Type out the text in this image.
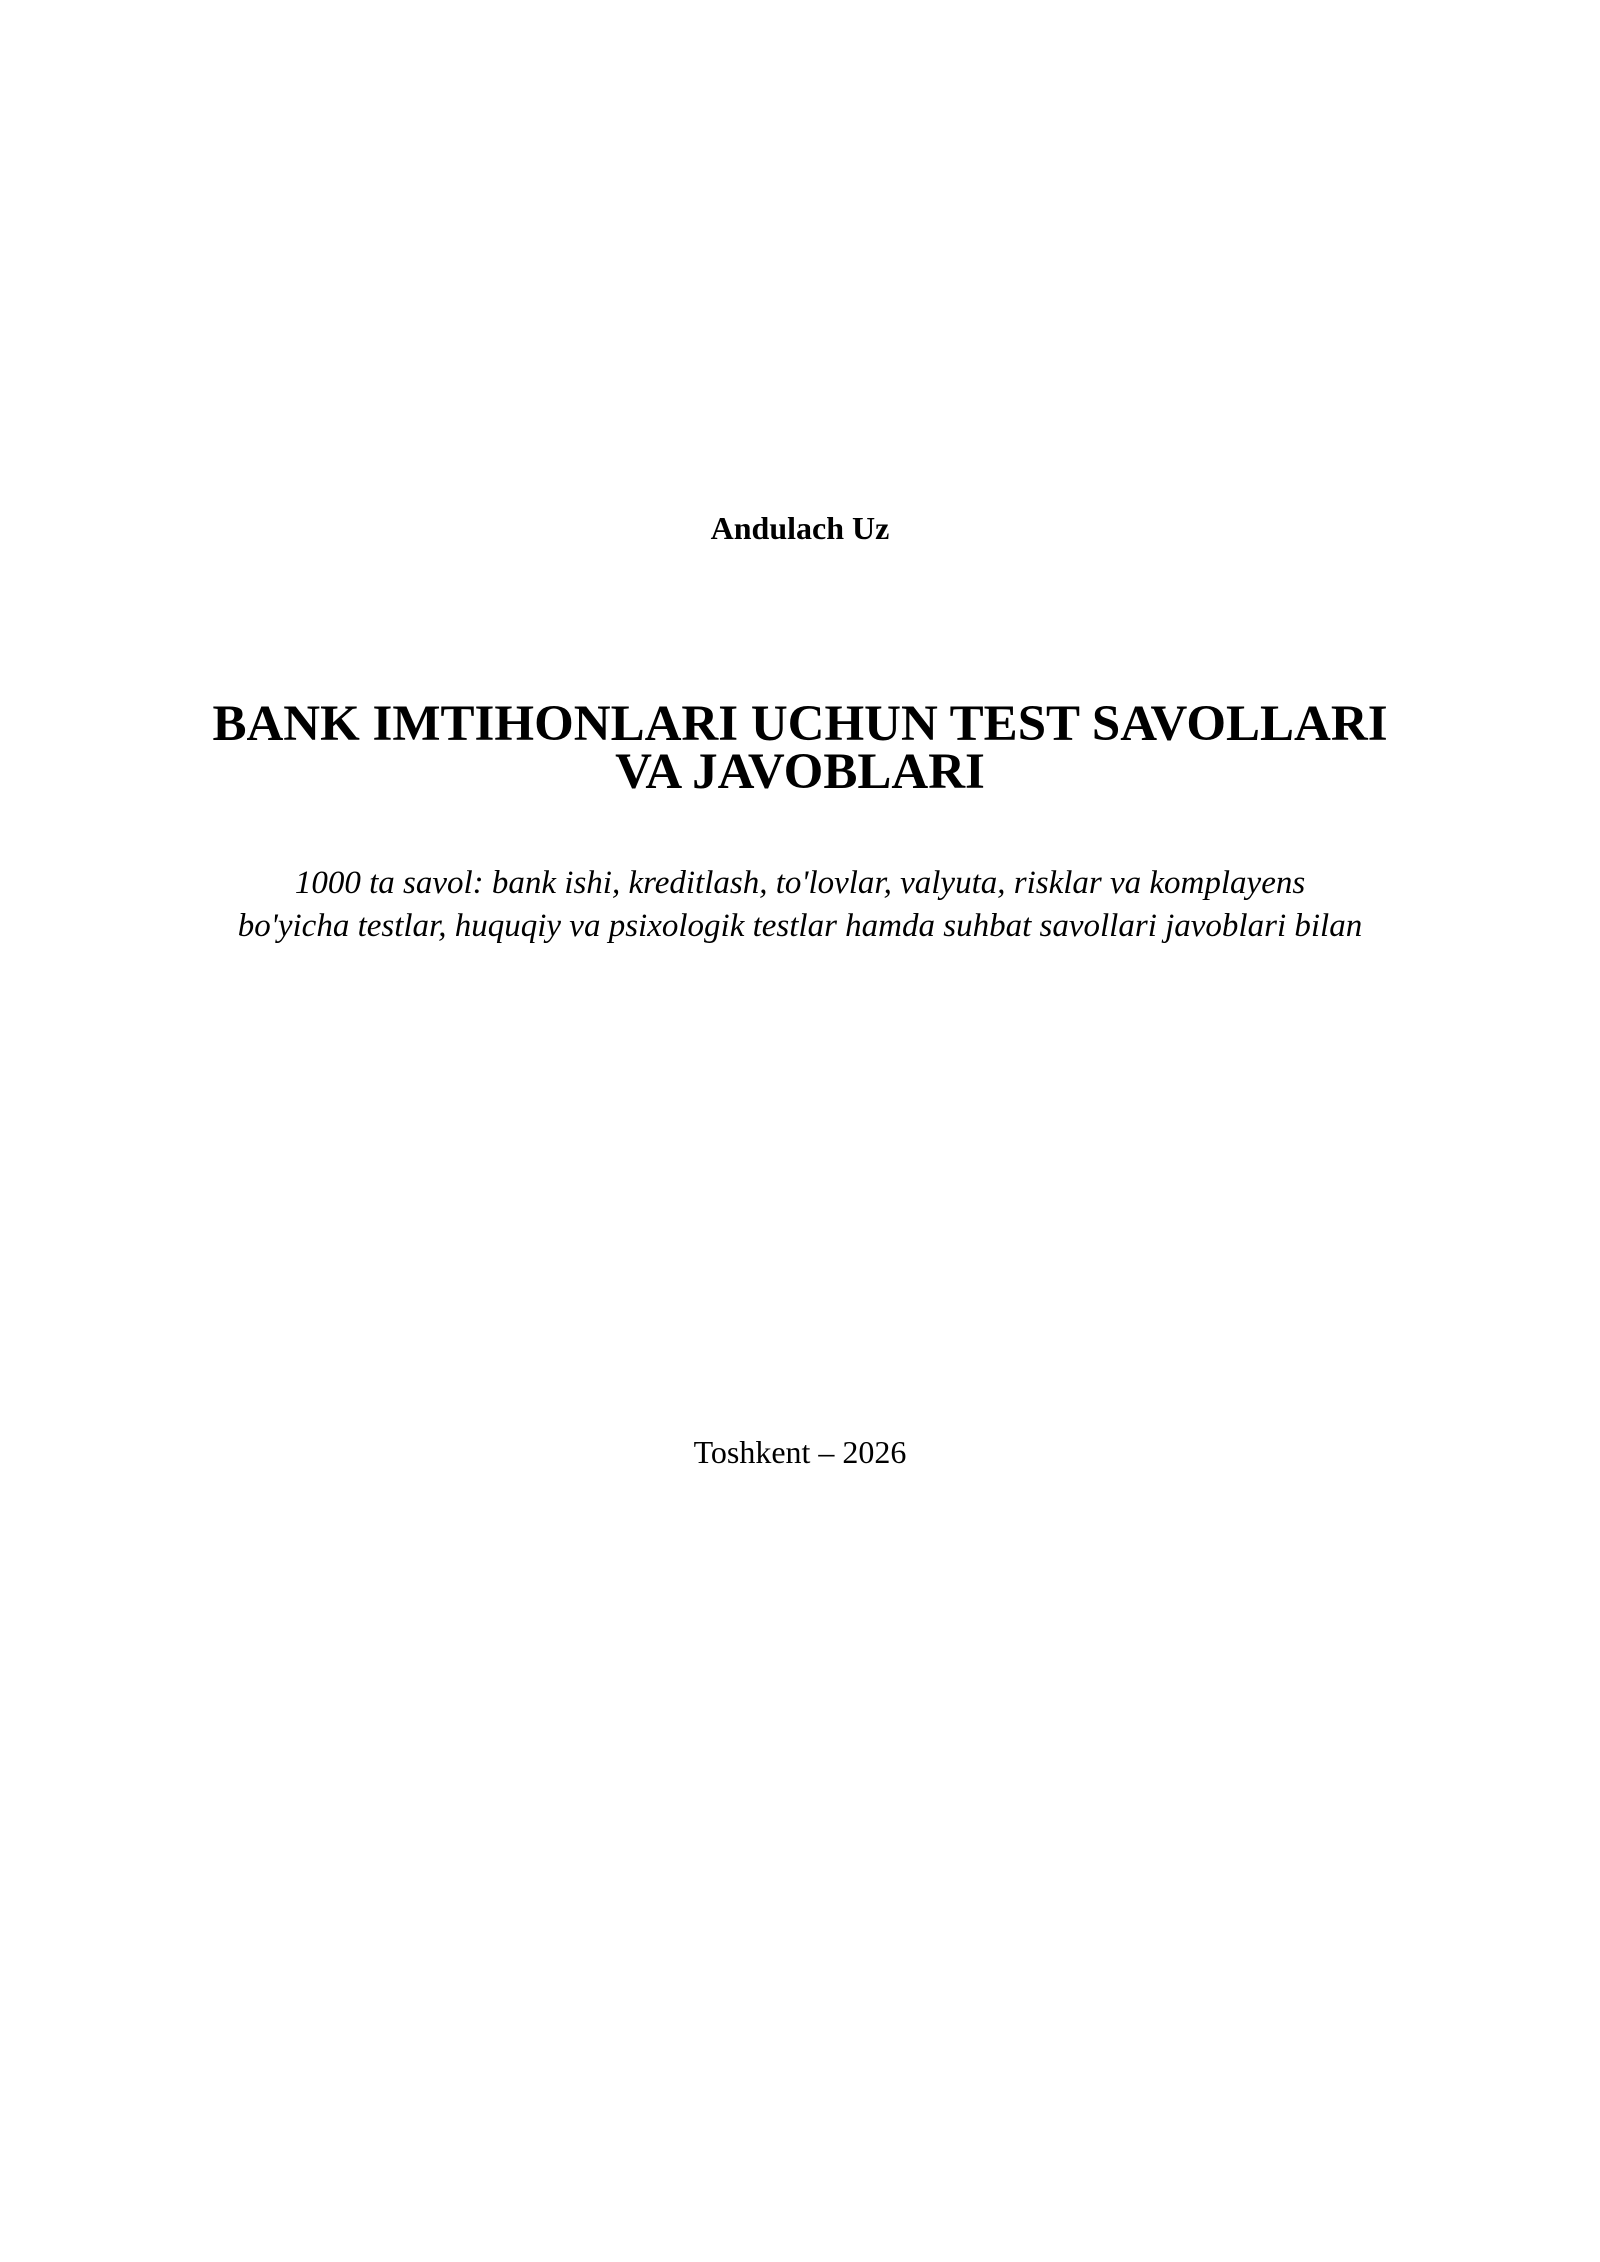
Andulach Uz
BANK IMTIHONLARI UCHUN TEST SAVOLLARI
VA JAVOBLARI
1000 ta savol: bank ishi, kreditlash, to'lovlar, valyuta, risklar va komplayens
bo'yicha testlar, huquqiy va psixologik testlar hamda suhbat savollari javoblari bilan
Toshkent – 2026
